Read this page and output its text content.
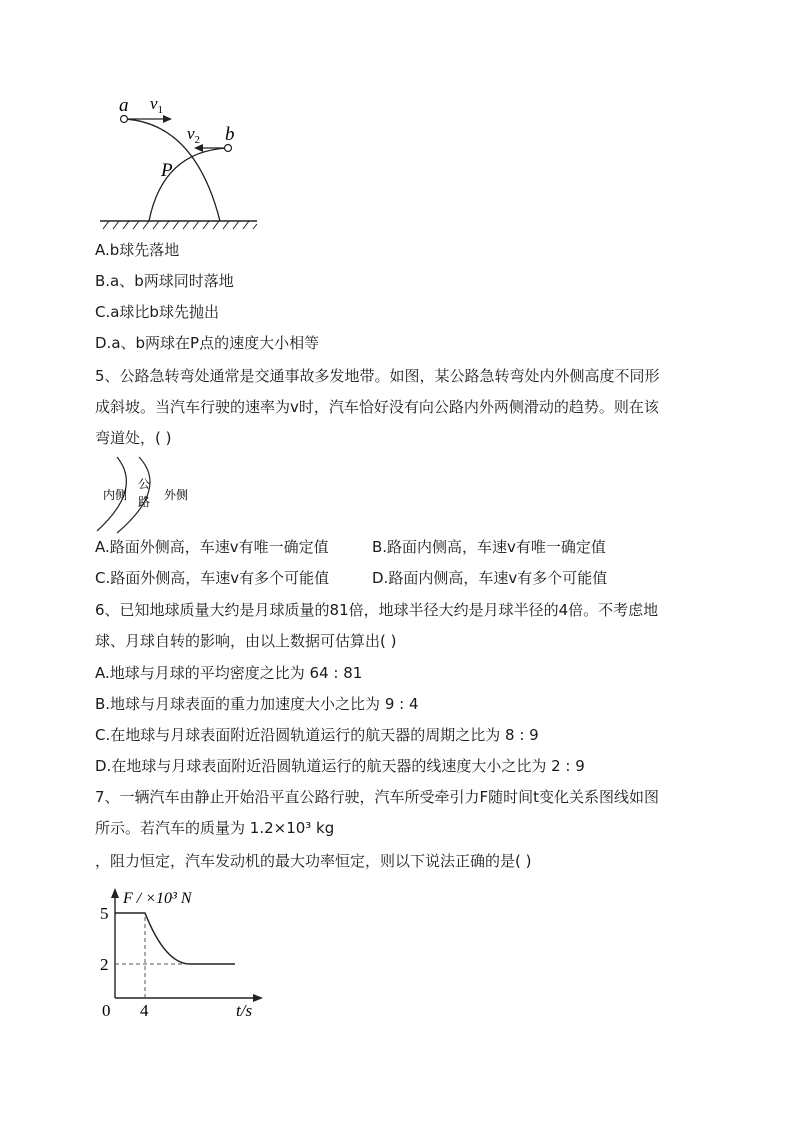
a $v_1$
$v_2$ b
P
A.b球先落地
B.a、b两球同时落地
C.a球比b球先抛出
D.a、b两球在P点的速度大小相等
5、公路急转弯处通常是交通事故多发地带。如图，某公路急转弯处内外侧高度不同形
成斜坡。当汽车行驶的速率为v时，汽车恰好没有向公路内外两侧滑动的趋势。则在该
弯道处，( )
内侧
公
路 外侧
A.路面外侧高，车速v有唯一确定值	B.路面内侧高，车速v有唯一确定值
C.路面外侧高，车速v有多个可能值	D.路面内侧高，车速v有多个可能值
6、已知地球质量大约是月球质量的81倍，地球半径大约是月球半径的4倍。不考虑地
球、月球自转的影响，由以上数据可估算出( )
A.地球与月球的平均密度之比为 64 : 81
B.地球与月球表面的重力加速度大小之比为 9 : 4
C.在地球与月球表面附近沿圆轨道运行的航天器的周期之比为 8 : 9
D.在地球与月球表面附近沿圆轨道运行的航天器的线速度大小之比为 2 : 9
7、一辆汽车由静止开始沿平直公路行驶，汽车所受牵引力F随时间t变化关系图线如图
所示。若汽车的质量为 1.2×10³ kg
，阻力恒定，汽车发动机的最大功率恒定，则以下说法正确的是( )
F / ×10³ N
5
2
0 4	t/s
